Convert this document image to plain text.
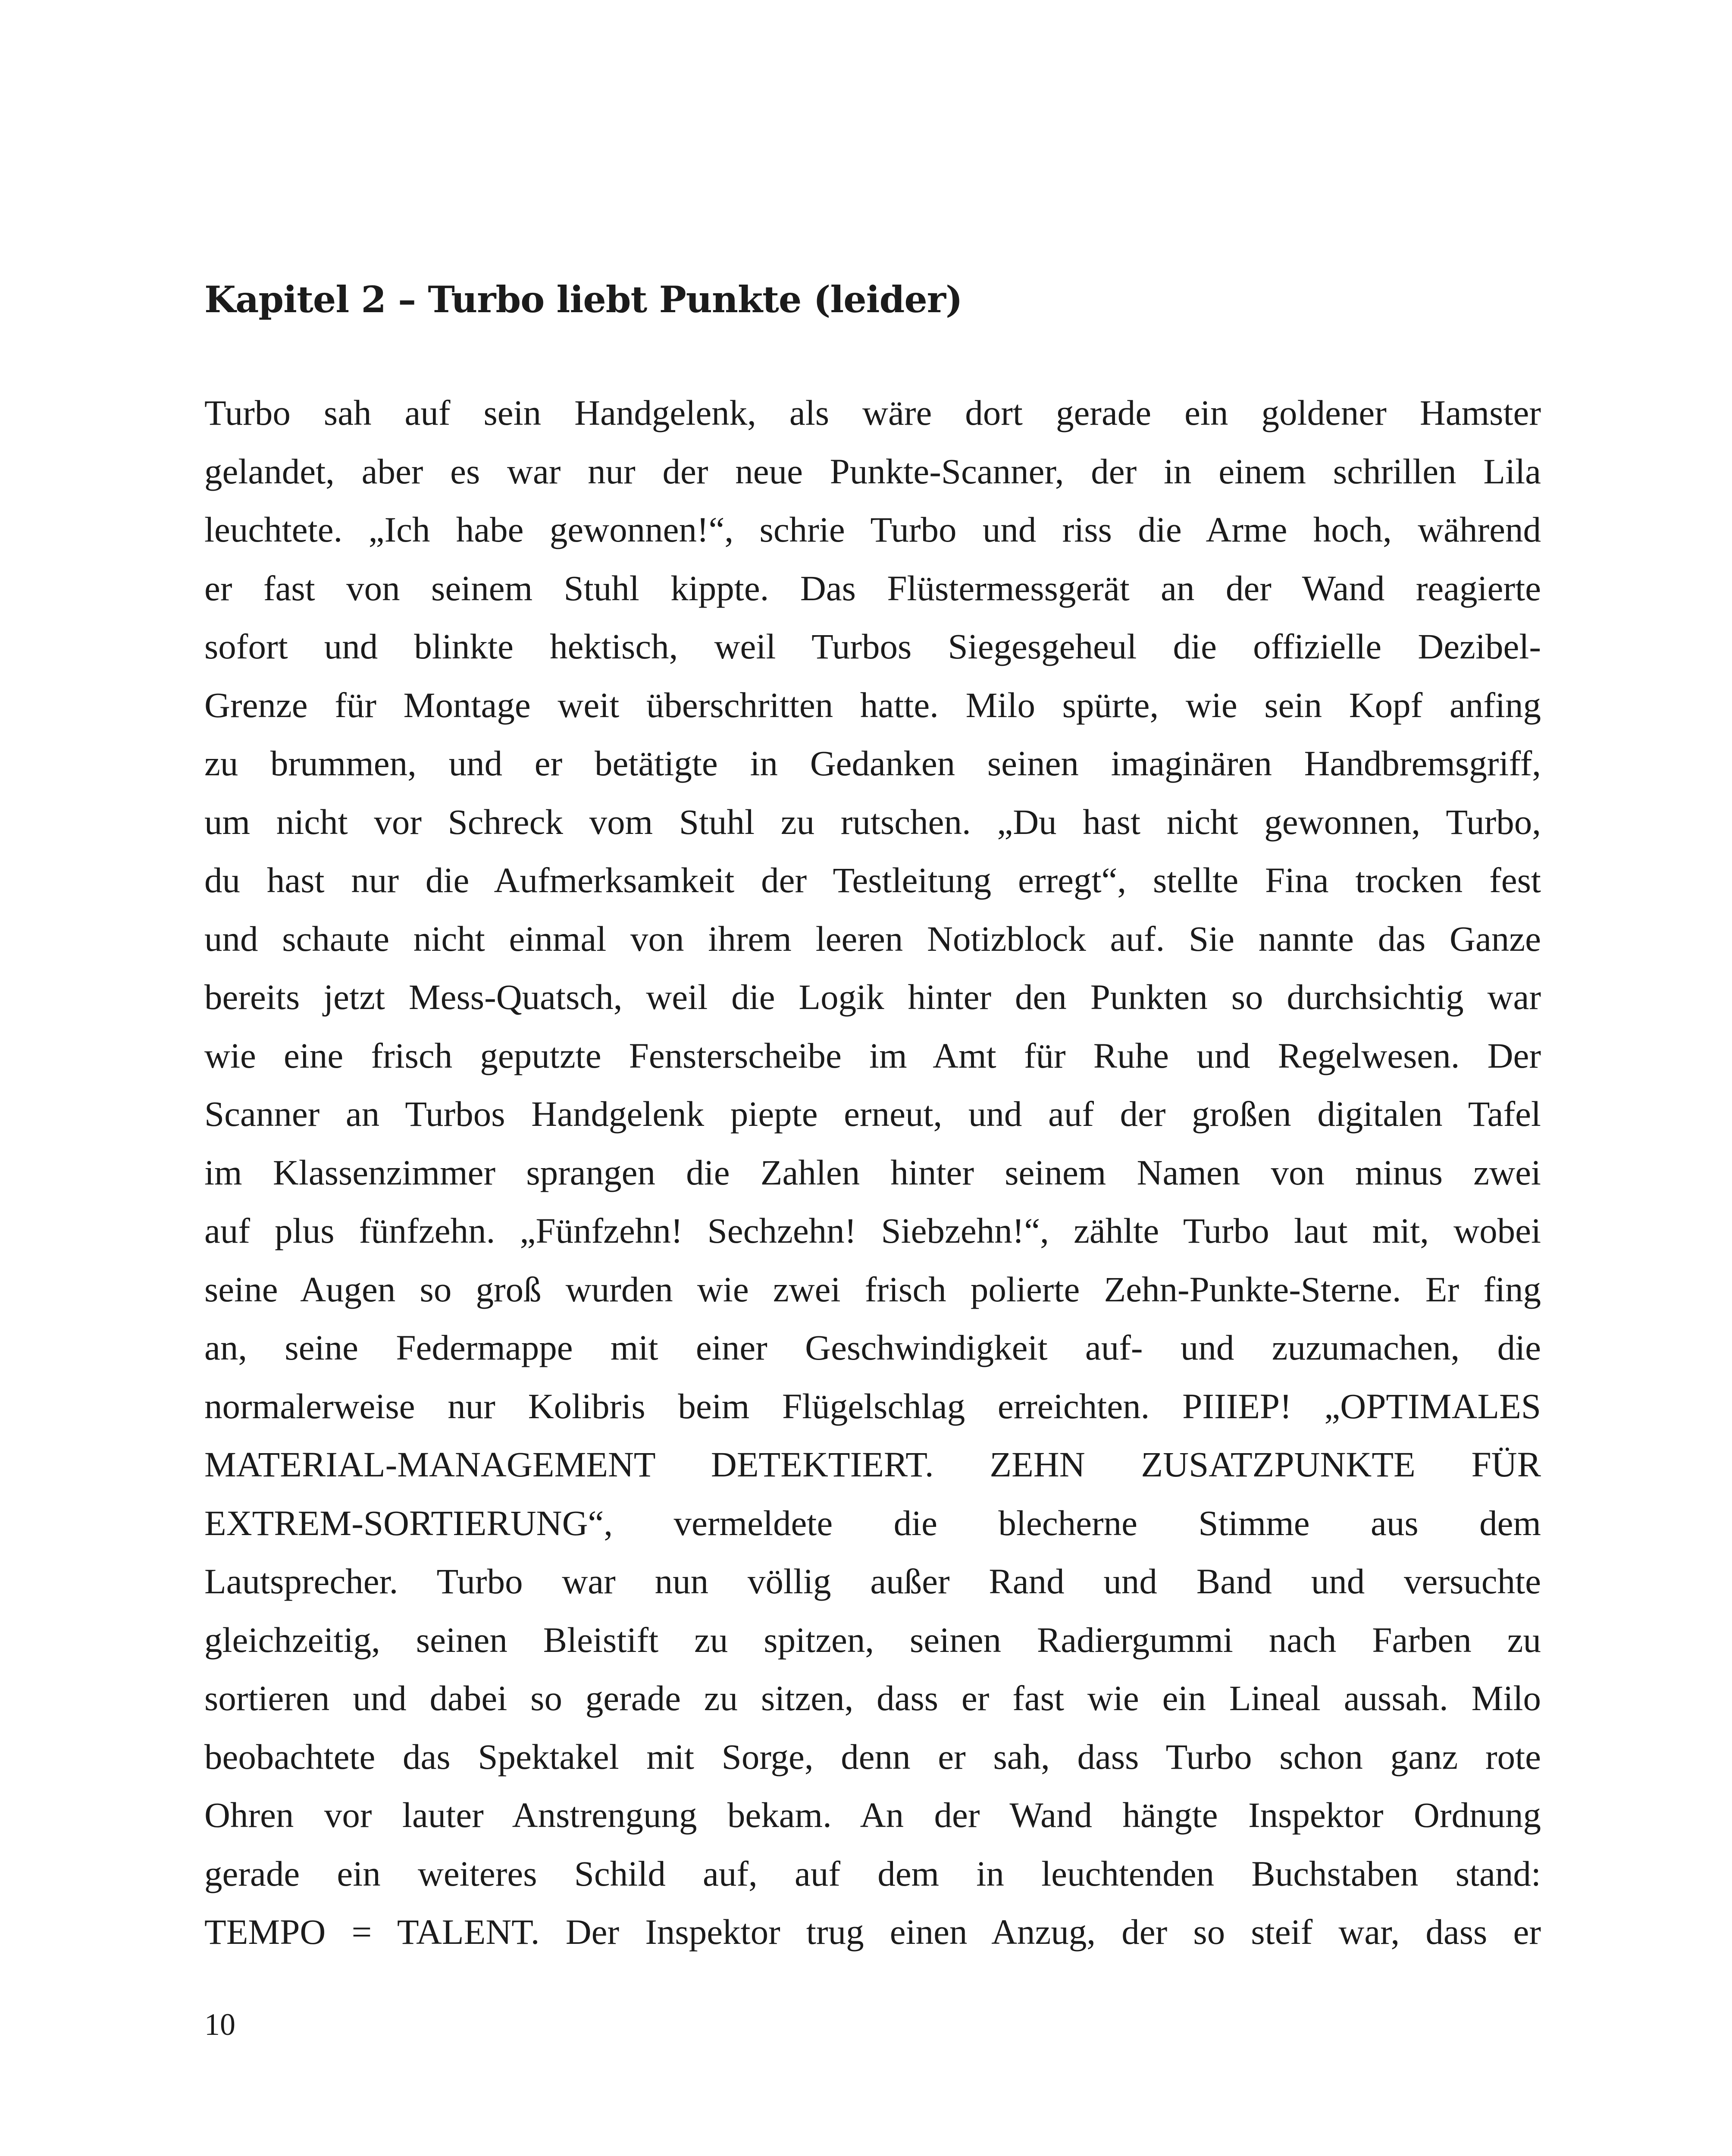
Kapitel 2 – Turbo liebt Punkte (leider)
Turbo sah auf sein Handgelenk, als wäre dort gerade ein goldener Hamster
gelandet, aber es war nur der neue Punkte-Scanner, der in einem schrillen Lila
leuchtete. „Ich habe gewonnen!“, schrie Turbo und riss die Arme hoch, während
er fast von seinem Stuhl kippte. Das Flüstermessgerät an der Wand reagierte
sofort und blinkte hektisch, weil Turbos Siegesgeheul die offizielle Dezibel-
Grenze für Montage weit überschritten hatte. Milo spürte, wie sein Kopf anfing
zu brummen, und er betätigte in Gedanken seinen imaginären Handbremsgriff,
um nicht vor Schreck vom Stuhl zu rutschen. „Du hast nicht gewonnen, Turbo,
du hast nur die Aufmerksamkeit der Testleitung erregt“, stellte Fina trocken fest
und schaute nicht einmal von ihrem leeren Notizblock auf. Sie nannte das Ganze
bereits jetzt Mess-Quatsch, weil die Logik hinter den Punkten so durchsichtig war
wie eine frisch geputzte Fensterscheibe im Amt für Ruhe und Regelwesen. Der
Scanner an Turbos Handgelenk piepte erneut, und auf der großen digitalen Tafel
im Klassenzimmer sprangen die Zahlen hinter seinem Namen von minus zwei
auf plus fünfzehn. „Fünfzehn! Sechzehn! Siebzehn!“, zählte Turbo laut mit, wobei
seine Augen so groß wurden wie zwei frisch polierte Zehn-Punkte-Sterne. Er fing
an, seine Federmappe mit einer Geschwindigkeit auf- und zuzumachen, die
normalerweise nur Kolibris beim Flügelschlag erreichten. PIIIEP! „OPTIMALES
MATERIAL-MANAGEMENT DETEKTIERT. ZEHN ZUSATZPUNKTE FÜR
EXTREM-SORTIERUNG“, vermeldete die blecherne Stimme aus dem
Lautsprecher. Turbo war nun völlig außer Rand und Band und versuchte
gleichzeitig, seinen Bleistift zu spitzen, seinen Radiergummi nach Farben zu
sortieren und dabei so gerade zu sitzen, dass er fast wie ein Lineal aussah. Milo
beobachtete das Spektakel mit Sorge, denn er sah, dass Turbo schon ganz rote
Ohren vor lauter Anstrengung bekam. An der Wand hängte Inspektor Ordnung
gerade ein weiteres Schild auf, auf dem in leuchtenden Buchstaben stand:
TEMPO = TALENT. Der Inspektor trug einen Anzug, der so steif war, dass er
10
